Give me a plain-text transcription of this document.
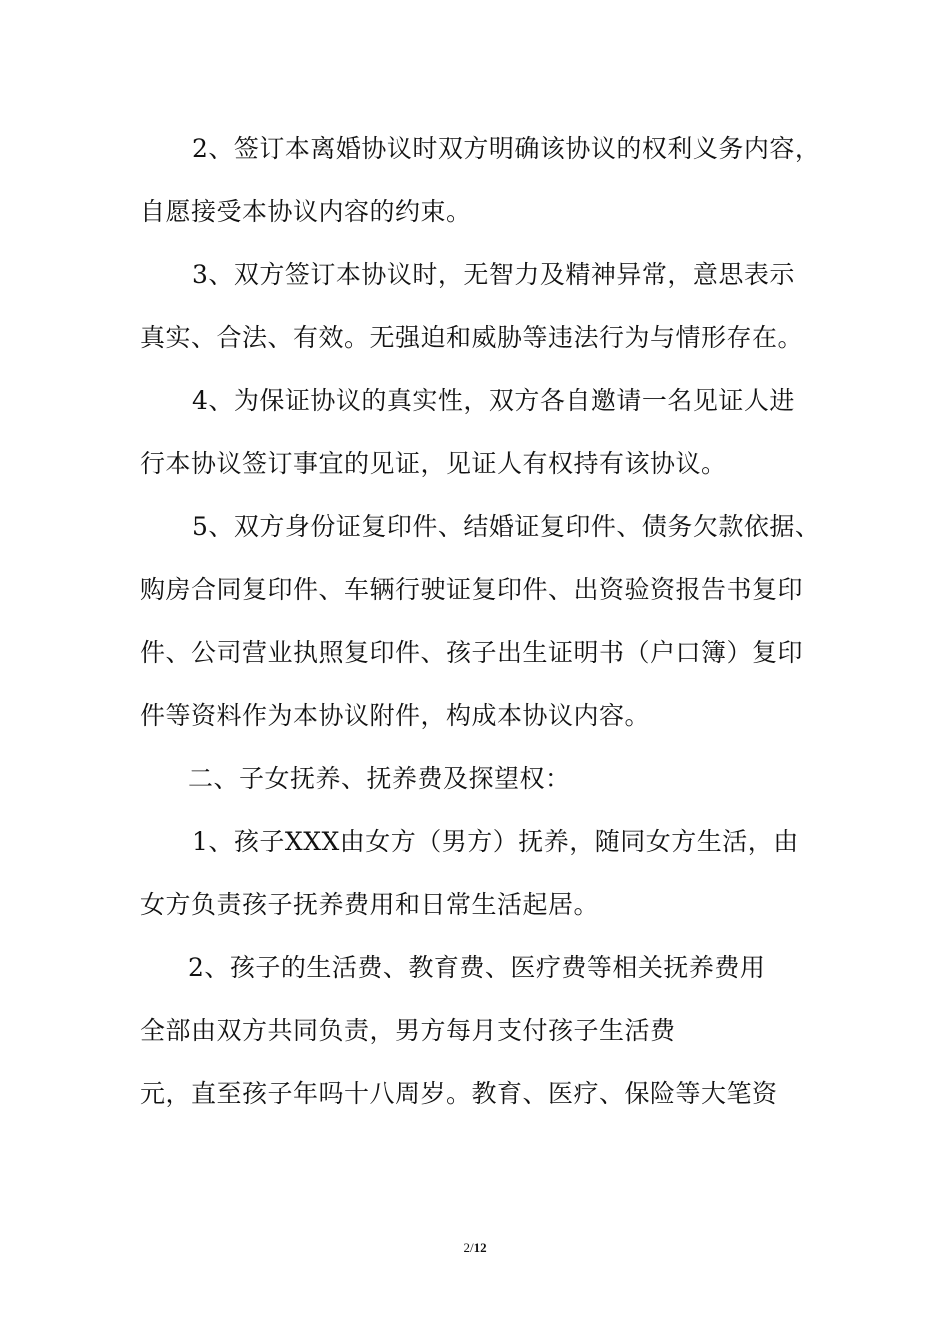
2、签订本离婚协议时双方明确该协议的权利义务内容，
自愿接受本协议内容的约束。
3、双方签订本协议时，无智力及精神异常，意思表示
真实、合法、有效。无强迫和威胁等违法行为与情形存在。
4、为保证协议的真实性，双方各自邀请一名见证人进
行本协议签订事宜的见证，见证人有权持有该协议。
5、双方身份证复印件、结婚证复印件、债务欠款依据、
购房合同复印件、车辆行驶证复印件、出资验资报告书复印
件、公司营业执照复印件、孩子出生证明书（户口簿）复印
件等资料作为本协议附件，构成本协议内容。
二、子女抚养、抚养费及探望权：
1、孩子XXX由女方（男方）抚养，随同女方生活，由
女方负责孩子抚养费用和日常生活起居。
2、孩子的生活费、教育费、医疗费等相关抚养费用
全部由双方共同负责，男方每月支付孩子生活费
元，直至孩子年吗十八周岁。教育、医疗、保险等大笔资
2/12
